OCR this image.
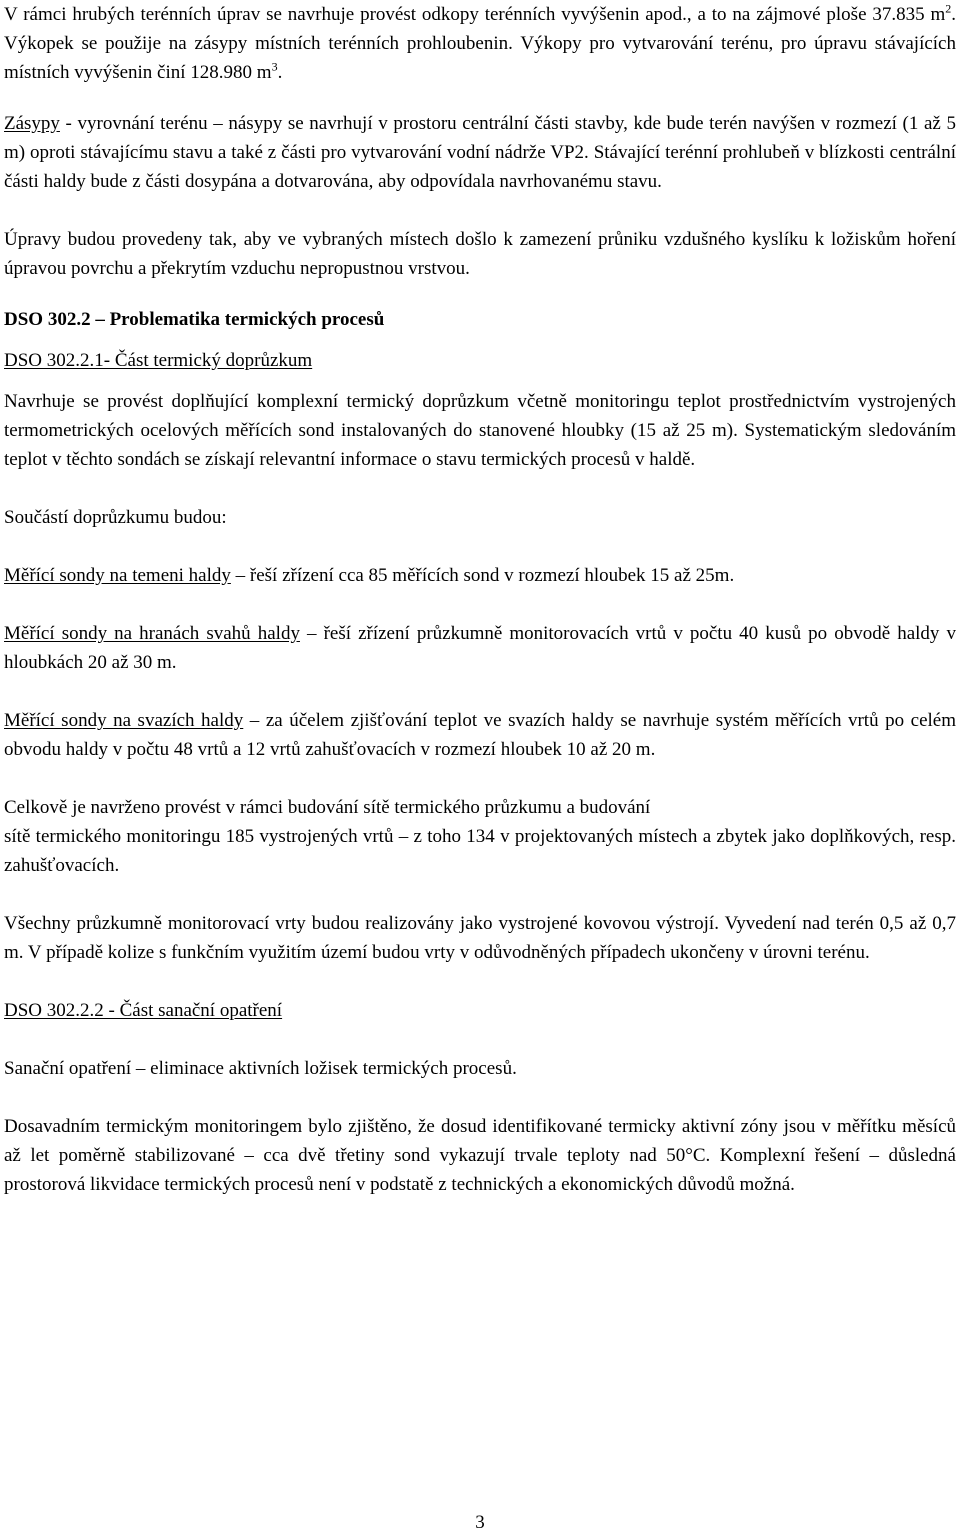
V rámci hrubých terénních úprav se navrhuje provést odkopy terénních vyvýšenin apod., a to na zájmové ploše 37.835 $m^2$. Výkopek se použije na zásypy místních terénních prohloubenin. Výkopy pro vytvarování terénu, pro úpravu stávajících místních vyvýšenin činí 128.980 $m^3$.

Zásypy - vyrovnání terénu – násypy se navrhují v prostoru centrální části stavby, kde bude terén navýšen v rozmezí (1 až 5 m) oproti stávajícímu stavu a také z části pro vytvarování vodní nádrže VP2. Stávající terénní prohlubeň v blízkosti centrální části haldy bude z části dosypána a dotvarována, aby odpovídala navrhovanému stavu.

Úpravy budou provedeny tak, aby ve vybraných místech došlo k zamezení průniku vzdušného kyslíku k ložiskům hoření úpravou povrchu a překrytím vzduchu nepropustnou vrstvou.

DSO 302.2 – Problematika termických procesů

DSO 302.2.1- Část termický doprůzkum

Navrhuje se provést doplňující komplexní termický doprůzkum včetně monitoringu teplot prostřednictvím vystrojených termometrických ocelových měřících sond instalovaných do stanovené hloubky (15 až 25 m). Systematickým sledováním teplot v těchto sondách se získají relevantní informace o stavu termických procesů v haldě.

Součástí doprůzkumu budou:

Měřící sondy na temeni haldy – řeší zřízení cca 85 měřících sond v rozmezí hloubek 15 až 25m.

Měřící sondy na hranách svahů haldy – řeší zřízení průzkumně monitorovacích vrtů v počtu 40 kusů po obvodě haldy v hloubkách 20 až 30 m.

Měřící sondy na svazích haldy – za účelem zjišťování teplot ve svazích haldy se navrhuje systém měřících vrtů po celém obvodu haldy v počtu 48 vrtů a 12 vrtů zahušťovacích v rozmezí hloubek 10 až 20 m.

Celkově je navrženo provést v rámci budování sítě termického průzkumu a budování
sítě termického monitoringu 185 vystrojených vrtů – z toho 134 v projektovaných místech a zbytek jako doplňkových, resp. zahušťovacích.

Všechny průzkumně monitorovací vrty budou realizovány jako vystrojené kovovou výstrojí. Vyvedení nad terén 0,5 až 0,7 m. V případě kolize s funkčním využitím území budou vrty v odůvodněných případech ukončeny v úrovni terénu.

DSO 302.2.2 - Část sanační opatření

Sanační opatření – eliminace aktivních ložisek termických procesů.

Dosavadním termickým monitoringem bylo zjištěno, že dosud identifikované termicky aktivní zóny jsou v měřítku měsíců až let poměrně stabilizované – cca dvě třetiny sond vykazují trvale teploty nad 50°C. Komplexní řešení – důsledná prostorová likvidace termických procesů není v podstatě z technických a ekonomických důvodů možná.

3
